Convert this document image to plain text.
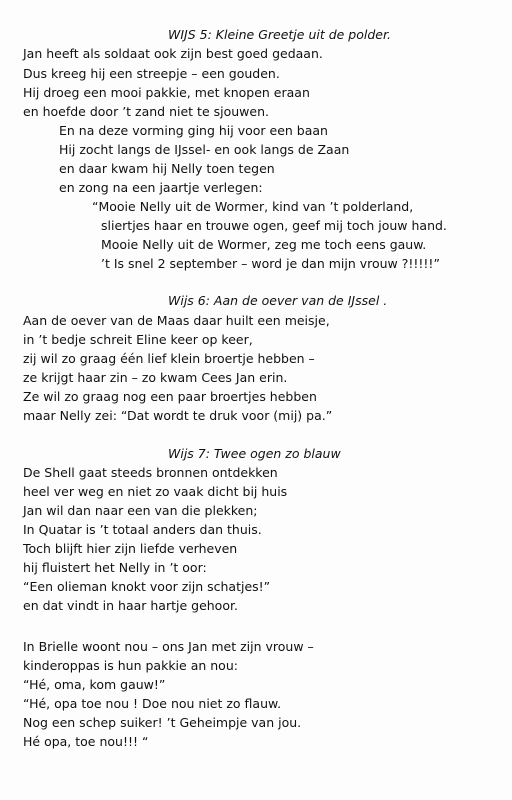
WIJS 5: Kleine Greetje uit de polder.
Jan heeft als soldaat ook zijn best goed gedaan.
Dus kreeg hij een streepje – een gouden.
Hij droeg een mooi pakkie, met knopen eraan
en hoefde door ’t zand niet te sjouwen.
En na deze vorming ging hij voor een baan
Hij zocht langs de IJssel- en ook langs de Zaan
en daar kwam hij Nelly toen tegen
en zong na een jaartje verlegen:
“Mooie Nelly uit de Wormer, kind van ’t polderland,
sliertjes haar en trouwe ogen, geef mij toch jouw hand.
Mooie Nelly uit de Wormer, zeg me toch eens gauw.
’t Is snel 2 september – word je dan mijn vrouw ?!!!!!”
Wijs 6: Aan de oever van de IJssel .
Aan de oever van de Maas daar huilt een meisje,
in ’t bedje schreit Eline keer op keer,
zij wil zo graag één lief klein broertje hebben –
ze krijgt haar zin – zo kwam Cees Jan erin.
Ze wil zo graag nog een paar broertjes hebben
maar Nelly zei: “Dat wordt te druk voor (mij) pa.”
Wijs 7: Twee ogen zo blauw
De Shell gaat steeds bronnen ontdekken
heel ver weg en niet zo vaak dicht bij huis
Jan wil dan naar een van die plekken;
In Quatar is ’t totaal anders dan thuis.
Toch blijft hier zijn liefde verheven
hij fluistert het Nelly in ’t oor:
“Een olieman knokt voor zijn schatjes!”
en dat vindt in haar hartje gehoor.
In Brielle woont nou – ons Jan met zijn vrouw –
kinderoppas is hun pakkie an nou:
“Hé, oma, kom gauw!”
“Hé, opa toe nou ! Doe nou niet zo flauw.
Nog een schep suiker! ’t Geheimpje van jou.
Hé opa, toe nou!!! “
